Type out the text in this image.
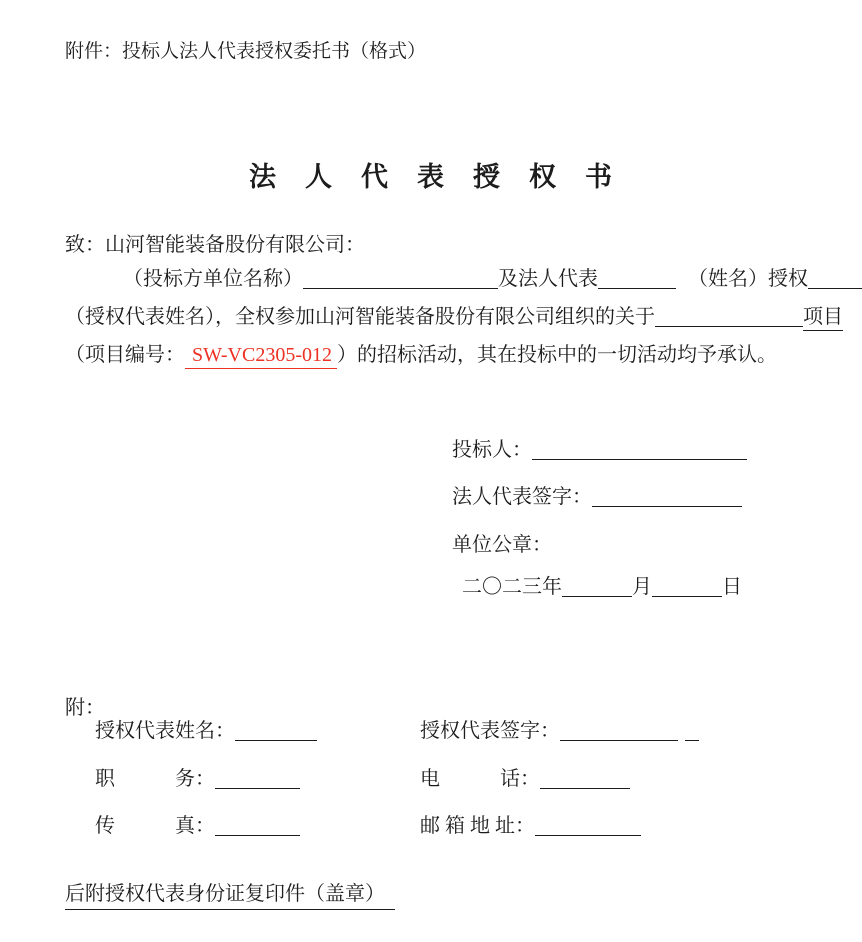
附件：投标人法人代表授权委托书（格式）
法　人　代　表　授　权　书
致：山河智能装备股份有限公司：
（投标方单位名称）	及法人代表	（姓名）授权
（授权代表姓名），全权参加山河智能装备股份有限公司组织的关于	项目
（项目编号： SW-VC2305-012 ）的招标活动，其在投标中的一切活动均予承认。
投标人：
法人代表签字：
单位公章：
二〇二三年	月	日
附：
授权代表姓名：	授权代表签字：
职　　　务：	电　　　话：
传　　　真：	邮 箱 地 址：
后附授权代表身份证复印件（盖章）
